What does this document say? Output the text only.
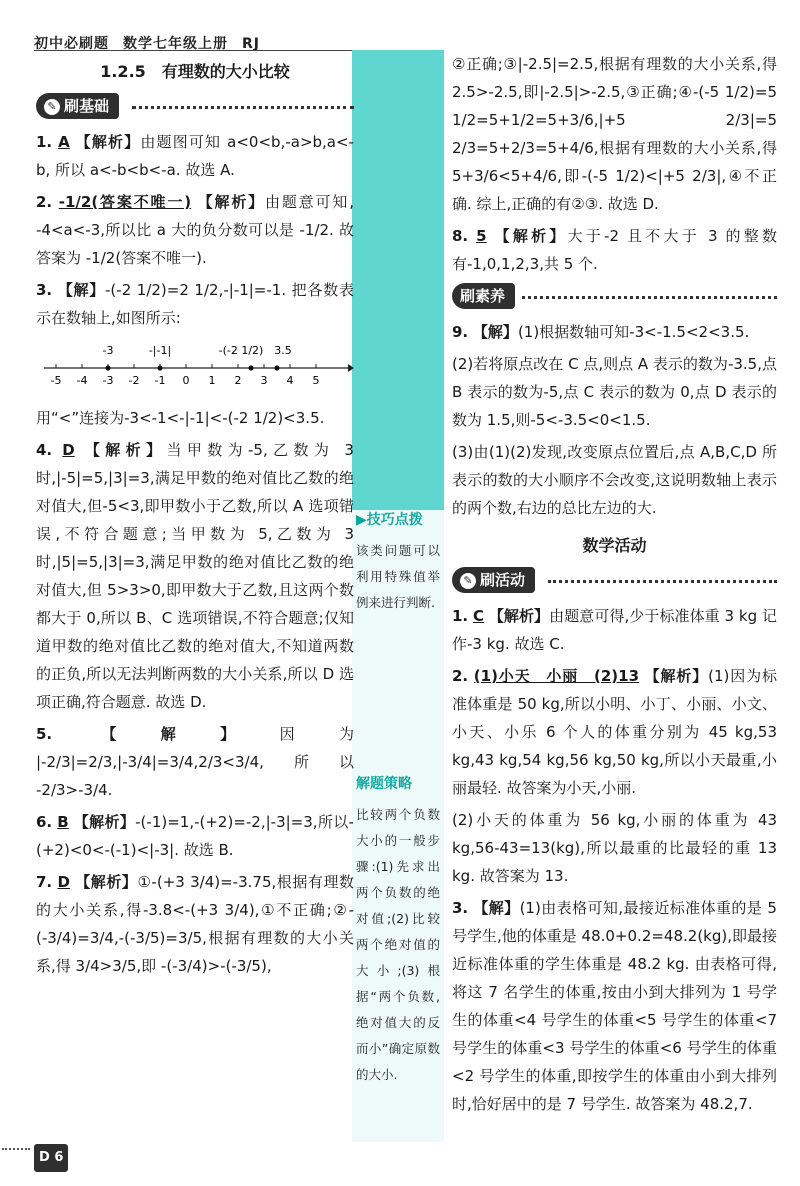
初中必刷题 数学七年级上册 RJ
1.2.5　有理数的大小比较
✎ 刷基础
1. A 【解析】由题图可知 a<0<b,-a>b,a<-b, 所以 a<-b<b<-a. 故选 A.
2. -1/2(答案不唯一) 【解析】由题意可知, -4<a<-3,所以比 a 大的负分数可以是 -1/2. 故答案为 -1/2(答案不唯一).
3. 【解】-(-2 1/2)=2 1/2,-|-1|=-1. 把各数表示在数轴上,如图所示:
-5 -4 -3 -2 -1 0 1 2 3 4 5
-3	-|-1|	-(-2 1/2) 3.5
用“<”连接为-3<-1<-|-1|<-(-2 1/2)<3.5.
4. D 【解析】当甲数为-5,乙数为 3 时,|-5|=5,|3|=3,满足甲数的绝对值比乙数的绝对值大,但-5<3,即甲数小于乙数,所以 A 选项错误,不符合题意;当甲数为 5,乙数为 3 时,|5|=5,|3|=3,满足甲数的绝对值比乙数的绝对值大,但 5>3>0,即甲数大于乙数,且这两个数都大于 0,所以 B、C 选项错误,不符合题意;仅知道甲数的绝对值比乙数的绝对值大,不知道两数的正负,所以无法判断两数的大小关系,所以 D 选项正确,符合题意. 故选 D.
5.	【解】因为 |-2/3|=2/3,|-3/4|=3/4,2/3<3/4,所以 -2/3>-3/4.
6. B 【解析】-(-1)=1,-(+2)=-2,|-3|=3,所以-(+2)<0<-(-1)<|-3|. 故选 B.
7. D 【解析】①-(+3 3/4)=-3.75,根据有理数的大小关系,得-3.8<-(+3 3/4),①不正确;②-(-3/4)=3/4,-(-3/5)=3/5,根据有理数的大小关系,得 3/4>3/5,即 -(-3/4)>-(-3/5),
▶技巧点拨
该类问题可以利用特殊值举例来进行判断.
解题策略
比较两个负数大小的一般步骤:(1)先求出两个负数的绝对值;(2)比较两个绝对值的大小;(3)根据“两个负数,绝对值大的反而小”确定原数的大小.
②正确;③|-2.5|=2.5,根据有理数的大小关系,得 2.5>-2.5,即|-2.5|>-2.5,③正确;④-(-5 1/2)=5 1/2=5+1/2=5+3/6,|+5 2/3|=5 2/3=5+2/3=5+4/6,根据有理数的大小关系,得 5+3/6<5+4/6,即-(-5 1/2)<|+5 2/3|,④不正确. 综上,正确的有②③. 故选 D.
8. 5 【解析】大于-2 且不大于 3 的整数有-1,0,1,2,3,共 5 个.
刷素养
9. 【解】(1)根据数轴可知-3<-1.5<2<3.5.
(2)若将原点改在 C 点,则点 A 表示的数为-3.5,点 B 表示的数为-5,点 C 表示的数为 0,点 D 表示的数为 1.5,则-5<-3.5<0<1.5.
(3)由(1)(2)发现,改变原点位置后,点 A,B,C,D 所表示的数的大小顺序不会改变,这说明数轴上表示的两个数,右边的总比左边的大.
数学活动
✎ 刷活动
1. C 【解析】由题意可得,少于标准体重 3 kg 记作-3 kg. 故选 C.
2. (1)小天　小丽　(2)13 【解析】(1)因为标准体重是 50 kg,所以小明、小丁、小丽、小文、小天、小乐 6 个人的体重分别为 45 kg,53 kg,43 kg,54 kg,56 kg,50 kg,所以小天最重,小丽最轻. 故答案为小天,小丽.
(2)小天的体重为 56 kg,小丽的体重为 43 kg,56-43=13(kg),所以最重的比最轻的重 13 kg. 故答案为 13.
3. 【解】(1)由表格可知,最接近标准体重的是 5 号学生,他的体重是 48.0+0.2=48.2(kg),即最接近标准体重的学生体重是 48.2 kg. 由表格可得,将这 7 名学生的体重,按由小到大排列为 1 号学生的体重<4 号学生的体重<5 号学生的体重<7 号学生的体重<3 号学生的体重<6 号学生的体重<2 号学生的体重,即按学生的体重由小到大排列时,恰好居中的是 7 号学生. 故答案为 48.2,7.
D 6
